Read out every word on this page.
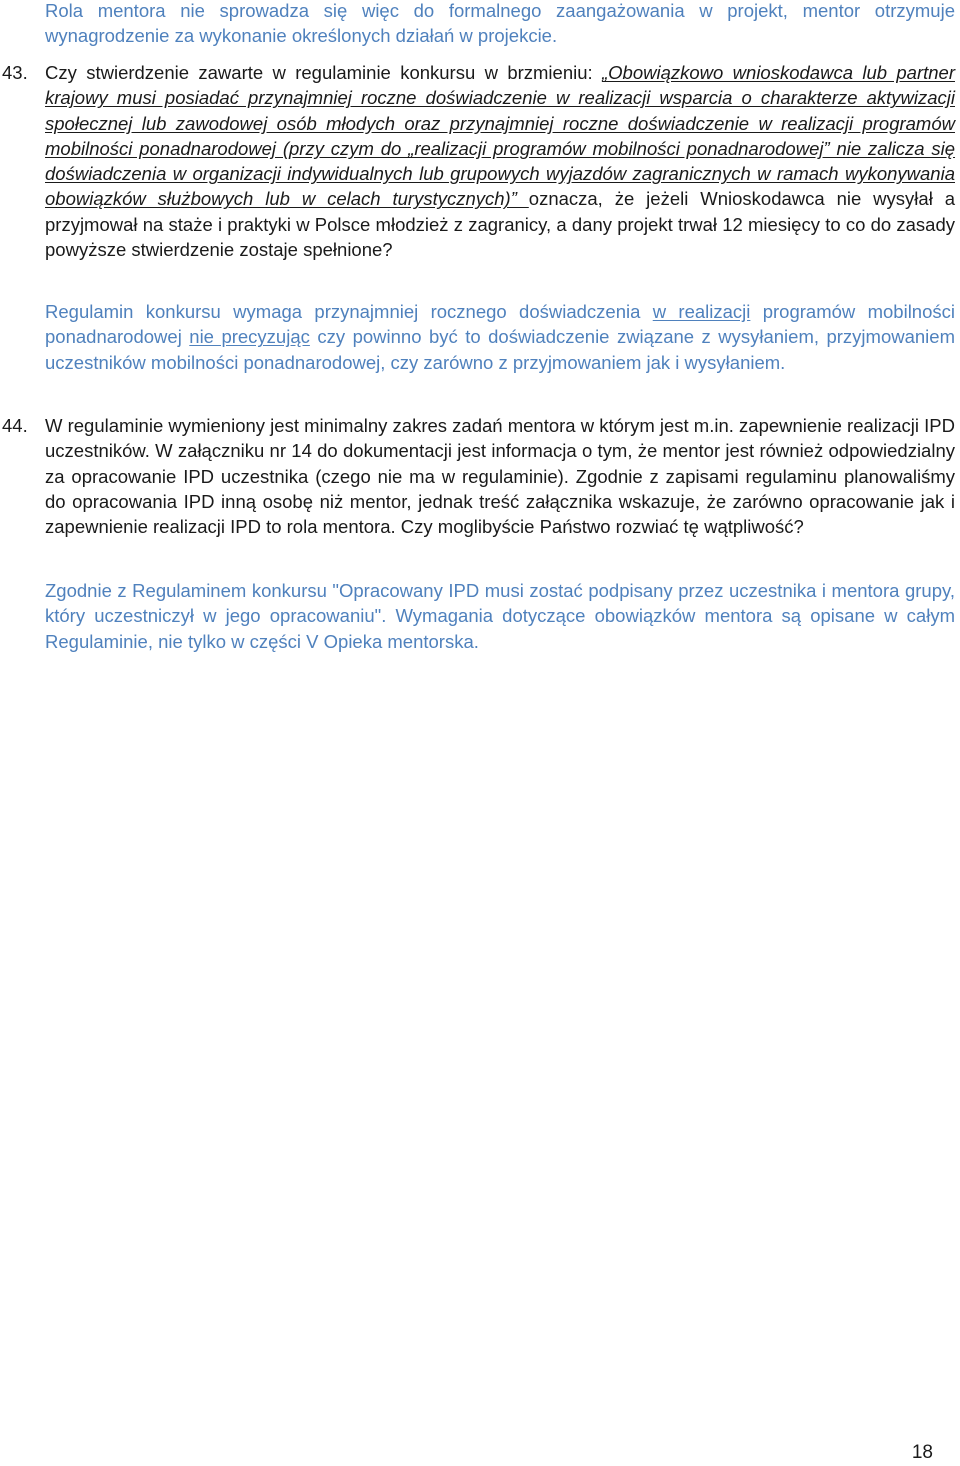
Rola mentora nie sprowadza się więc do formalnego zaangażowania w projekt, mentor otrzymuje wynagrodzenie za wykonanie określonych działań w projekcie.

43. Czy stwierdzenie zawarte w regulaminie konkursu w brzmieniu: „Obowiązkowo wnioskodawca lub partner krajowy musi posiadać przynajmniej roczne doświadczenie w realizacji wsparcia o charakterze aktywizacji społecznej lub zawodowej osób młodych oraz przynajmniej roczne doświadczenie w realizacji programów mobilności ponadnarodowej (przy czym do „realizacji programów mobilności ponadnarodowej” nie zalicza się doświadczenia w organizacji indywidualnych lub grupowych wyjazdów zagranicznych w ramach wykonywania obowiązków służbowych lub w celach turystycznych)” oznacza, że jeżeli Wnioskodawca nie wysyłał a przyjmował na staże i praktyki w Polsce młodzież z zagranicy, a dany projekt trwał 12 miesięcy to co do zasady powyższe stwierdzenie zostaje spełnione?

Regulamin konkursu wymaga przynajmniej rocznego doświadczenia w realizacji programów mobilności ponadnarodowej nie precyzując czy powinno być to doświadczenie związane z wysyłaniem, przyjmowaniem uczestników mobilności ponadnarodowej, czy zarówno z przyjmowaniem jak i wysyłaniem.

44. W regulaminie wymieniony jest minimalny zakres zadań mentora w którym jest m.in. zapewnienie realizacji IPD uczestników. W załączniku nr 14 do dokumentacji jest informacja o tym, że mentor jest również odpowiedzialny za opracowanie IPD uczestnika (czego nie ma w regulaminie). Zgodnie z zapisami regulaminu planowaliśmy do opracowania IPD inną osobę niż mentor, jednak treść załącznika wskazuje, że zarówno opracowanie jak i zapewnienie realizacji IPD to rola mentora. Czy moglibyście Państwo rozwiać tę wątpliwość?

Zgodnie z Regulaminem konkursu "Opracowany IPD musi zostać podpisany przez uczestnika i mentora grupy, który uczestniczył w jego opracowaniu". Wymagania dotyczące obowiązków mentora są opisane w całym Regulaminie, nie tylko w części V Opieka mentorska.

18
